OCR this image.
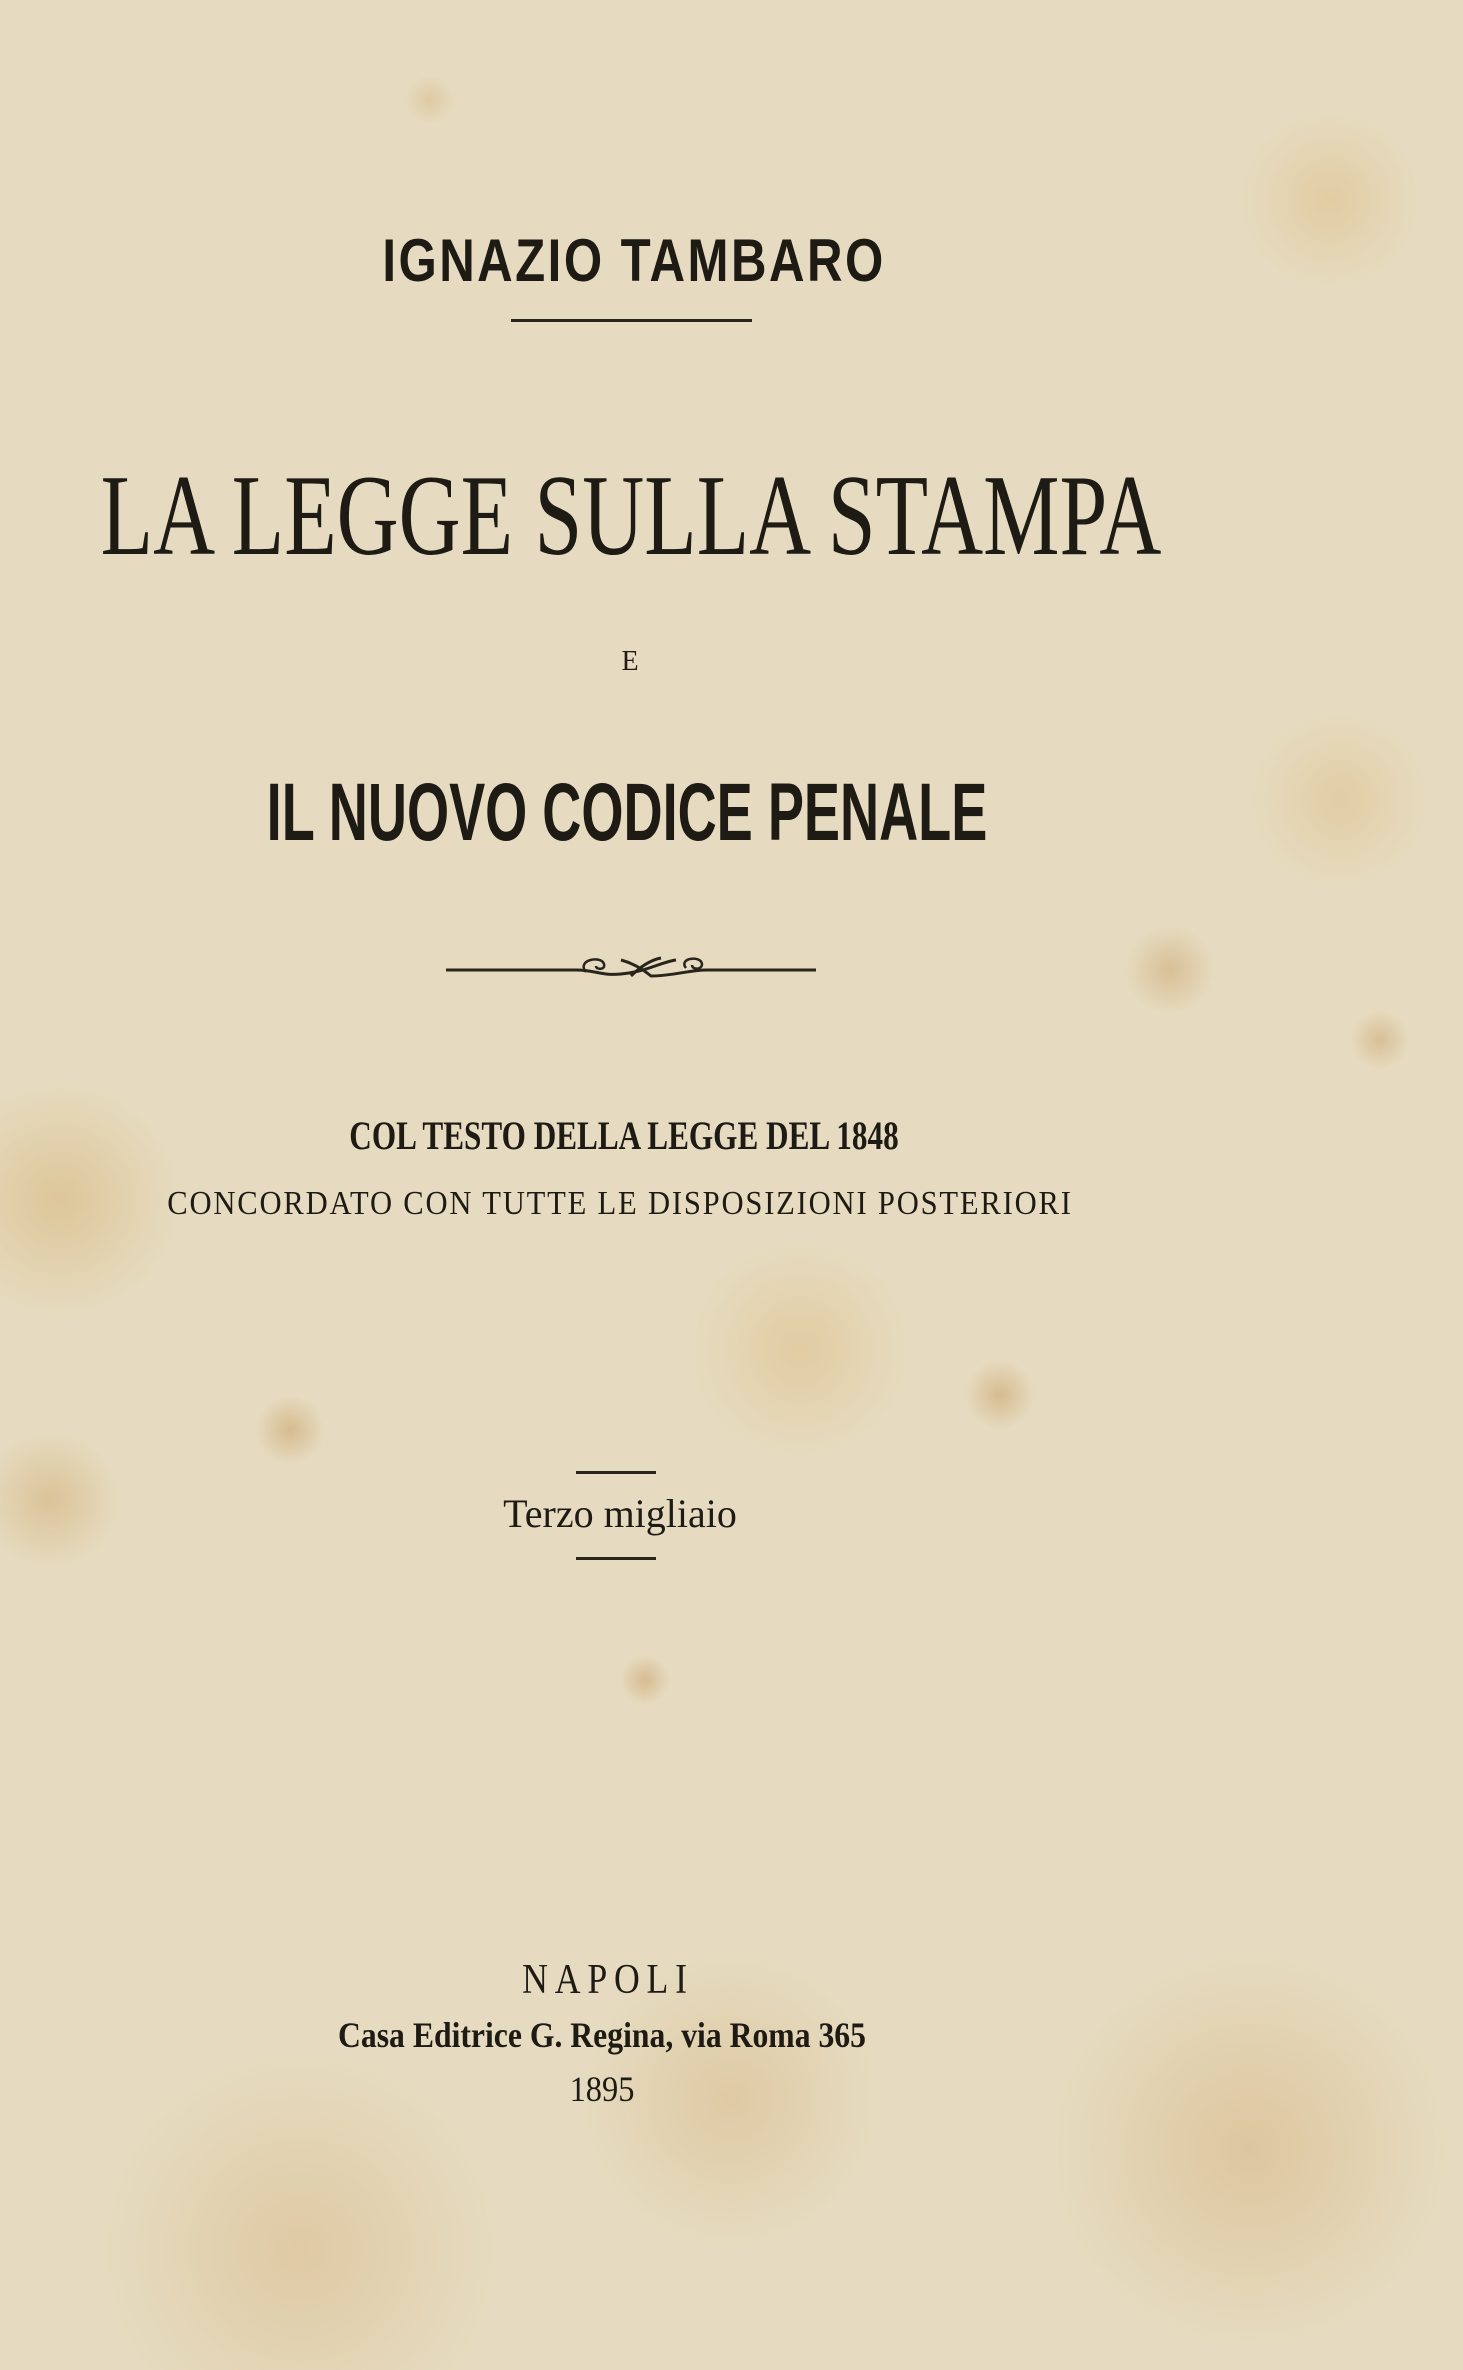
IGNAZIO TAMBARO
LA LEGGE SULLA STAMPA
E
IL NUOVO CODICE PENALE
COL TESTO DELLA LEGGE DEL 1848
CONCORDATO CON TUTTE LE DISPOSIZIONI POSTERIORI
Terzo migliaio
NAPOLI
Casa Editrice G. Regina, via Roma 365
1895
